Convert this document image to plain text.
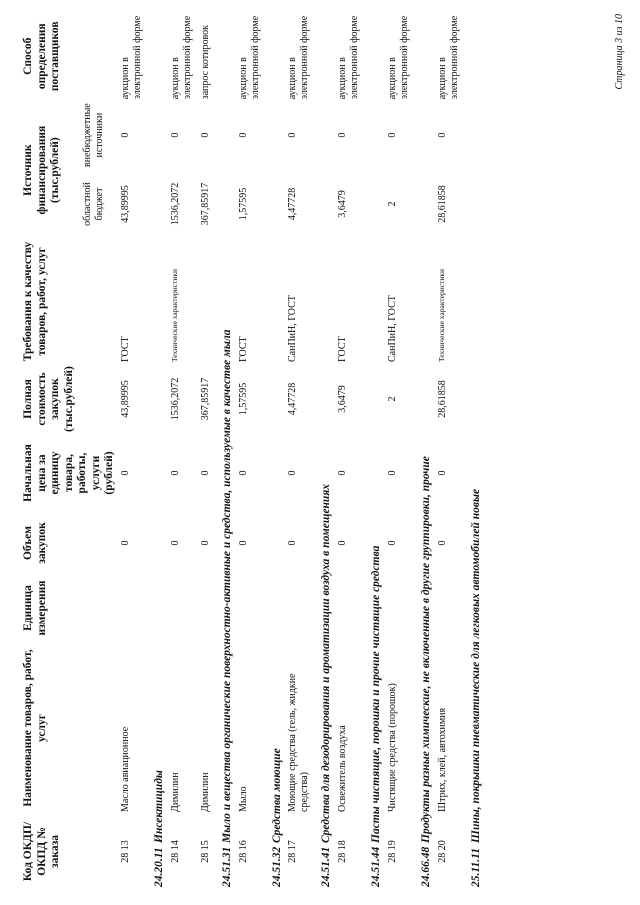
Код ОКДП/ ОКПД № заказа	Наименование товаров, работ, услуг	Единица измерения	Объем закупок	Начальная цена за единицу товара, работы, услуги (рублей)	Полная стоимость закупок (тыс.рублей)	Требования к качеству товаров, работ, услуг	Источник финансирования (тыс.рублей)		Способ определения поставщиков
							областной бюджет	внебюджетные источники	
28 13	Масло авиационное		0	0	43,89995	ГОСТ	43,89995	0	аукцион в электронной форме
24.20.11Инсектициды									
28 14	Димилин		0	0	1536,2072	Технические характеристики	1536,2072	0	аукцион в электронной форме
28 15	Димилин		0	0	367,85917		367,85917	0	запрос котировок
24.51.31Мыло и вещества органические поверхностно-активные и средства, используемые в качестве мыла									
28 16	Мыло		0	0	1,57595	ГОСТ	1,57595	0	аукцион в электронной форме
24.51.32Средства моющие									
28 17	Моющие средства (гель, жидкие средства)		0	0	4,47728	СанПиН, ГОСТ	4,47728	0	аукцион в электронной форме
24.51.41Средства для дезодорирования и ароматизации воздуха в помещениях									
28 18	Освежитель воздуха		0	0	3,6479	ГОСТ	3,6479	0	аукцион в электронной форме
24.51.44Пасты чистящие, порошки и прочие чистящие средства									
28 19	Чистящие средства (порошок)		0	0	2	СанПиН, ГОСТ	2	0	аукцион в электронной форме
24.66.48Продукты разные химические, не включенные в другие группировки, прочие									
28 20	Штрих, клей, автохимия		0	0	28,61858	Технические характеристики	28,61858	0	аукцион в электронной форме
25.11.11Шины, покрышки пневматические для легковых автомобилей новые									
Страница 3 из 10
